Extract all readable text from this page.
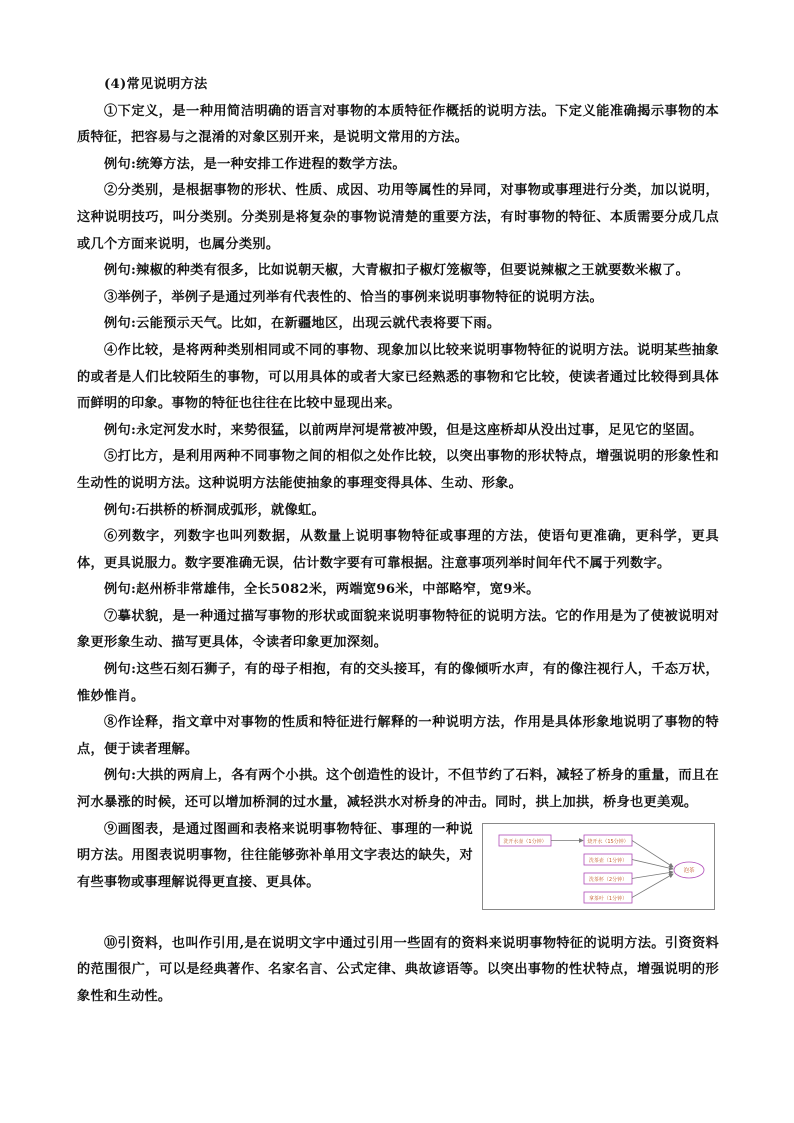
(4)常见说明方法

①下定义，是一种用简洁明确的语言对事物的本质特征作概括的说明方法。下定义能准确揭示事物的本质特征，把容易与之混淆的对象区别开来，是说明文常用的方法。

例句:统筹方法，是一种安排工作进程的数学方法。

②分类别，是根据事物的形状、性质、成因、功用等属性的异同，对事物或事理进行分类，加以说明，这种说明技巧，叫分类别。分类别是将复杂的事物说清楚的重要方法，有时事物的特征、本质需要分成几点或几个方面来说明，也属分类别。

例句:辣椒的种类有很多，比如说朝天椒，大青椒扣子椒灯笼椒等，但要说辣椒之王就要数米椒了。

③举例子，举例子是通过列举有代表性的、恰当的事例来说明事物特征的说明方法。

例句:云能预示天气。比如，在新疆地区，出现云就代表将要下雨。

④作比较，是将两种类别相同或不同的事物、现象加以比较来说明事物特征的说明方法。说明某些抽象的或者是人们比较陌生的事物，可以用具体的或者大家已经熟悉的事物和它比较，使读者通过比较得到具体而鲜明的印象。事物的特征也往往在比较中显现出来。

例句:永定河发水时，来势很猛，以前两岸河堤常被冲毁，但是这座桥却从没出过事，足见它的坚固。

⑤打比方，是利用两种不同事物之间的相似之处作比较，以突出事物的形状特点，增强说明的形象性和生动性的说明方法。这种说明方法能使抽象的事理变得具体、生动、形象。

例句:石拱桥的桥洞成弧形，就像虹。

⑥列数字，列数字也叫列数据，从数量上说明事物特征或事理的方法，使语句更准确，更科学，更具体，更具说服力。数字要准确无误，估计数字要有可靠根据。注意事项列举时间年代不属于列数字。

例句:赵州桥非常雄伟，全长5082米，两端宽96米，中部略窄，宽9米。

⑦摹状貌，是一种通过描写事物的形状或面貌来说明事物特征的说明方法。它的作用是为了使被说明对象更形象生动、描写更具体，令读者印象更加深刻。

例句:这些石刻石狮子，有的母子相抱，有的交头接耳，有的像倾听水声，有的像注视行人，千态万状，惟妙惟肖。

⑧作诠释，指文章中对事物的性质和特征进行解释的一种说明方法，作用是具体形象地说明了事物的特点，便于读者理解。

例句:大拱的两肩上，各有两个小拱。这个创造性的设计，不但节约了石料，减轻了桥身的重量，而且在河水暴涨的时候，还可以增加桥洞的过水量，减轻洪水对桥身的冲击。同时，拱上加拱，桥身也更美观。

⑨画图表，是通过图画和表格来说明事物特征、事理的一种说明方法。用图表说明事物，往往能够弥补单用文字表达的缺失，对有些事物或事理解说得更直接、更具体。

洗开水壶（1分钟）	烧开水（15分钟）
洗茶壶（1分钟）
洗茶杯（2分钟）
拿茶叶（1分钟）
泡茶

⑩引资料，也叫作引用,是在说明文字中通过引用一些固有的资料来说明事物特征的说明方法。引资资料的范围很广，可以是经典著作、名家名言、公式定律、典故谚语等。以突出事物的性状特点，增强说明的形象性和生动性。
